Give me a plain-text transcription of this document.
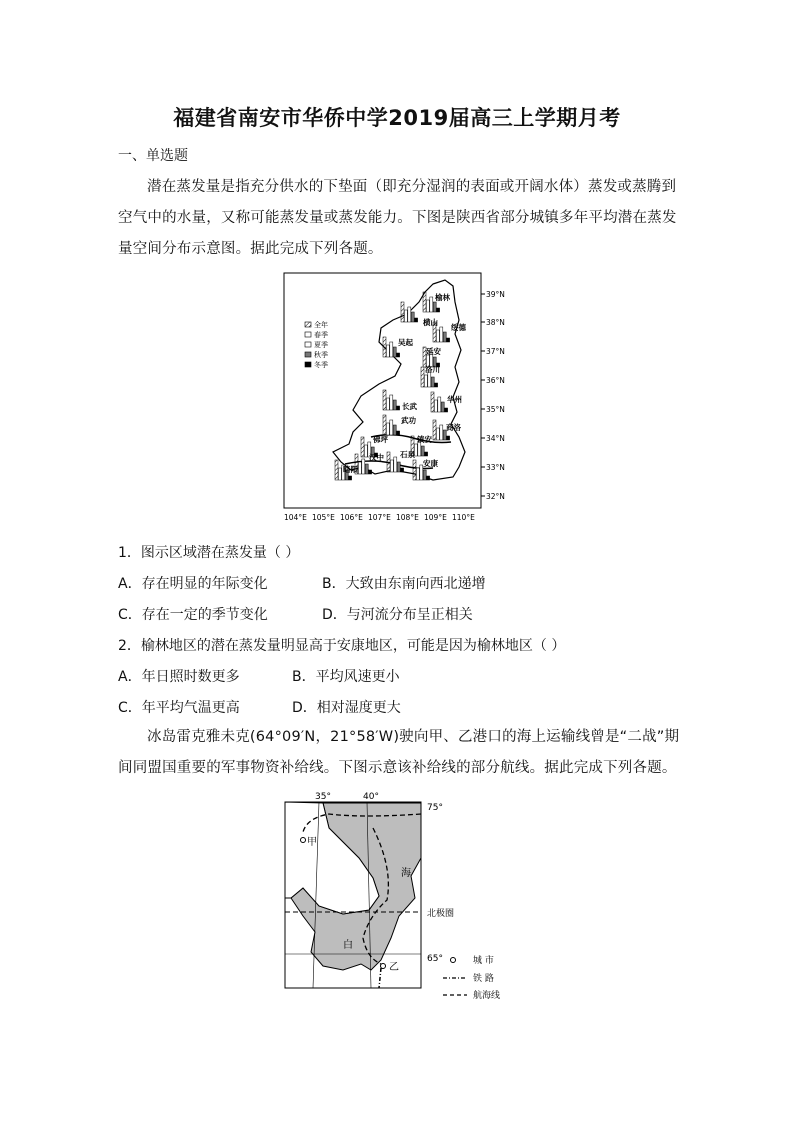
福建省南安市华侨中学2019届高三上学期月考
一、单选题
潜在蒸发量是指充分供水的下垫面（即充分湿润的表面或开阔水体）蒸发或蒸腾到空气中的水量，又称可能蒸发量或蒸发能力。下图是陕西省部分城镇多年平均潜在蒸发量空间分布示意图。据此完成下列各题。
39°N
38°N
37°N
36°N
35°N
34°N
33°N
32°N
104°E 105°E 106°E 107°E 108°E 109°E 110°E
全年
春季
夏季
秋季
冬季
榆林
横山
绥德
吴起
延安
洛川
长武
华州
武功
商洛
佛坪	镇安
汉中 石泉
略阳
安康
1．图示区域潜在蒸发量（ ）
A．存在明显的年际变化	B．大致由东南向西北递增
C．存在一定的季节变化	D．与河流分布呈正相关
2．榆林地区的潜在蒸发量明显高于安康地区，可能是因为榆林地区（ ）
A．年日照时数更多	B．平均风速更小
C．年平均气温更高	D．相对湿度更大
冰岛雷克雅未克(64°09′N，21°58′W)驶向甲、乙港口的海上运输线曾是“二战”期间同盟国重要的军事物资补给线。下图示意该补给线的部分航线。据此完成下列各题。
35°	40°
75°
北极圈
65°
甲
乙
海
白
城 市
铁 路
航海线
